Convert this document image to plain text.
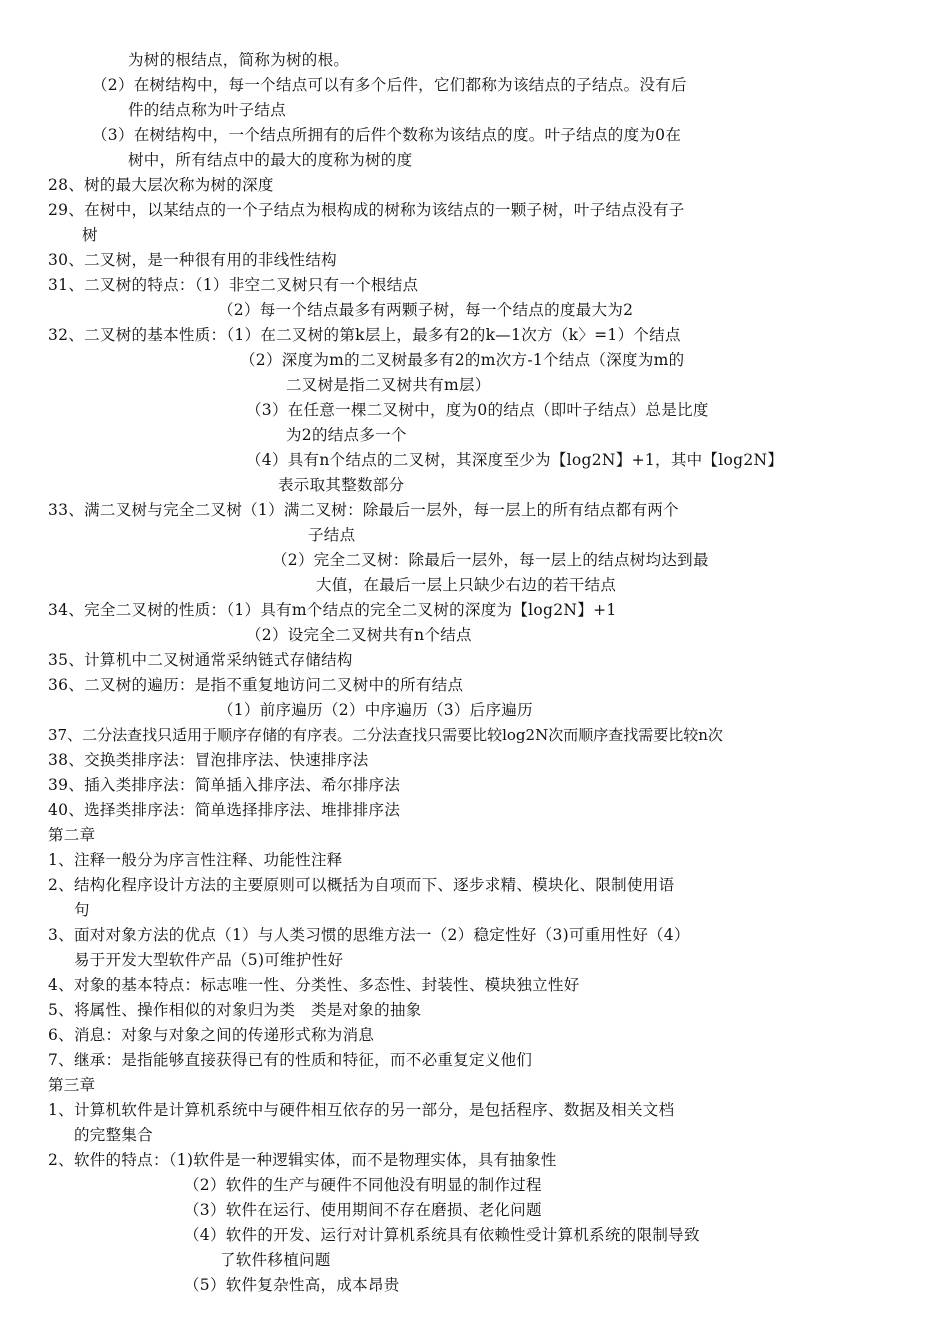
为树的根结点，简称为树的根。
（2）在树结构中，每一个结点可以有多个后件，它们都称为该结点的子结点。没有后
件的结点称为叶子结点
（3）在树结构中，一个结点所拥有的后件个数称为该结点的度。叶子结点的度为0在
树中，所有结点中的最大的度称为树的度
28、树的最大层次称为树的深度
29、在树中，以某结点的一个子结点为根构成的树称为该结点的一颗子树，叶子结点没有子
树
30、二叉树，是一种很有用的非线性结构
31、二叉树的特点：（1）非空二叉树只有一个根结点
（2）每一个结点最多有两颗子树，每一个结点的度最大为2
32、二叉树的基本性质：（1）在二叉树的第k层上，最多有2的k—1次方（k〉=1）个结点
（2）深度为m的二叉树最多有2的m次方-1个结点（深度为m的
二叉树是指二叉树共有m层）
（3）在任意一棵二叉树中，度为0的结点（即叶子结点）总是比度
为2的结点多一个
（4）具有n个结点的二叉树，其深度至少为【log2N】+1，其中【log2N】
表示取其整数部分
33、满二叉树与完全二叉树（1）满二叉树：除最后一层外，每一层上的所有结点都有两个
子结点
（2）完全二叉树：除最后一层外，每一层上的结点树均达到最
大值，在最后一层上只缺少右边的若干结点
34、完全二叉树的性质：（1）具有m个结点的完全二叉树的深度为【log2N】+1
（2）设完全二叉树共有n个结点
35、计算机中二叉树通常采纳链式存储结构
36、二叉树的遍历：是指不重复地访问二叉树中的所有结点
（1）前序遍历（2）中序遍历（3）后序遍历
37、二分法查找只适用于顺序存储的有序表。二分法查找只需要比较log2N次而顺序查找需要比较n次
38、交换类排序法：冒泡排序法、快速排序法
39、插入类排序法：简单插入排序法、希尔排序法
40、选择类排序法：简单选择排序法、堆排排序法
第二章
1、注释一般分为序言性注释、功能性注释
2、结构化程序设计方法的主要原则可以概括为自项而下、逐步求精、模块化、限制使用语
句
3、面对对象方法的优点（1）与人类习惯的思维方法一（2）稳定性好（3)可重用性好（4）
易于开发大型软件产品（5)可维护性好
4、对象的基本特点：标志唯一性、分类性、多态性、封装性、模块独立性好
5、将属性、操作相似的对象归为类　类是对象的抽象
6、消息：对象与对象之间的传递形式称为消息
7、继承：是指能够直接获得已有的性质和特征，而不必重复定义他们
第三章
1、计算机软件是计算机系统中与硬件相互依存的另一部分，是包括程序、数据及相关文档
的完整集合
2、软件的特点：（1)软件是一种逻辑实体，而不是物理实体，具有抽象性
（2）软件的生产与硬件不同他没有明显的制作过程
（3）软件在运行、使用期间不存在磨损、老化问题
（4）软件的开发、运行对计算机系统具有依赖性受计算机系统的限制导致
了软件移植问题
（5）软件复杂性高，成本昂贵
